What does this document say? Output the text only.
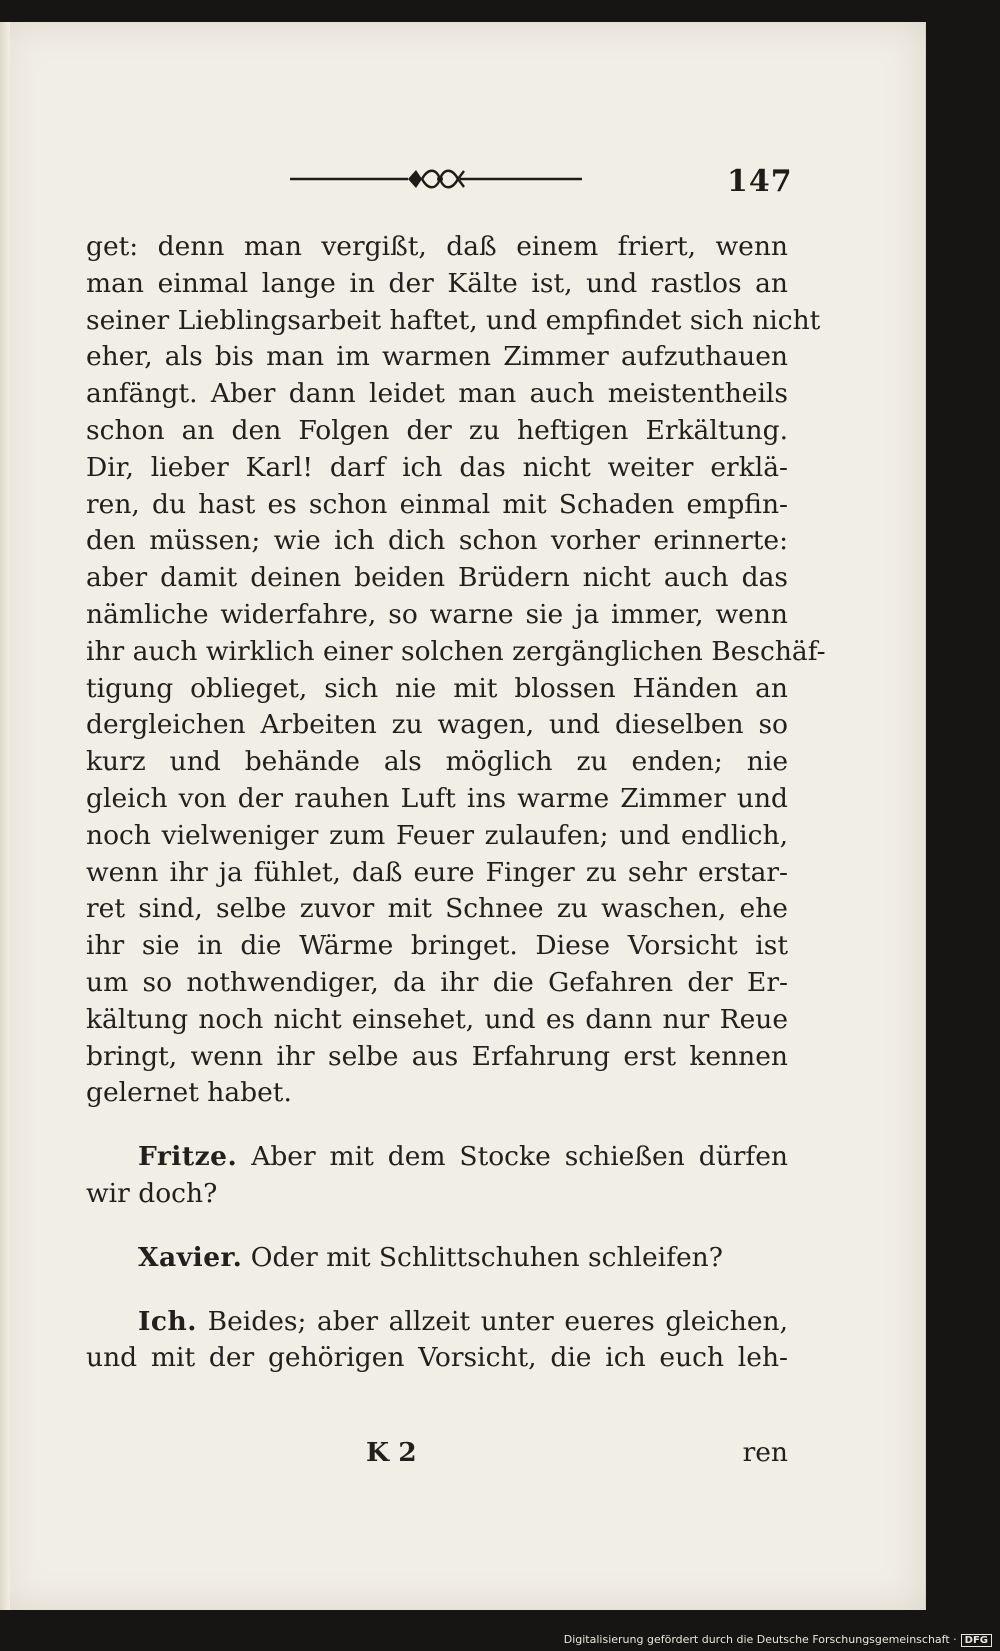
147
get: denn man vergißt, daß einem friert, wenn
man einmal lange in der Kälte ist, und rastlos an
seiner Lieblingsarbeit haftet, und empfindet sich nicht
eher, als bis man im warmen Zimmer aufzuthauen
anfängt. Aber dann leidet man auch meistentheils
schon an den Folgen der zu heftigen Erkältung.
Dir, lieber Karl! darf ich das nicht weiter erklä-
ren, du hast es schon einmal mit Schaden empfin-
den müssen; wie ich dich schon vorher erinnerte:
aber damit deinen beiden Brüdern nicht auch das
nämliche widerfahre, so warne sie ja immer, wenn
ihr auch wirklich einer solchen zergänglichen Beschäf-
tigung oblieget, sich nie mit blossen Händen an
dergleichen Arbeiten zu wagen, und dieselben so
kurz und behände als möglich zu enden; nie
gleich von der rauhen Luft ins warme Zimmer und
noch vielweniger zum Feuer zulaufen; und endlich,
wenn ihr ja fühlet, daß eure Finger zu sehr erstar-
ret sind, selbe zuvor mit Schnee zu waschen, ehe
ihr sie in die Wärme bringet. Diese Vorsicht ist
um so nothwendiger, da ihr die Gefahren der Er-
kältung noch nicht einsehet, und es dann nur Reue
bringt, wenn ihr selbe aus Erfahrung erst kennen
gelernet habet.
Fritze. Aber mit dem Stocke schießen dürfen
wir doch?
Xavier. Oder mit Schlittschuhen schleifen?
Ich. Beides; aber allzeit unter eueres gleichen,
und mit der gehörigen Vorsicht, die ich euch leh-
K 2	ren
Digitalisierung gefördert durch die Deutsche Forschungsgemeinschaft · DFG
